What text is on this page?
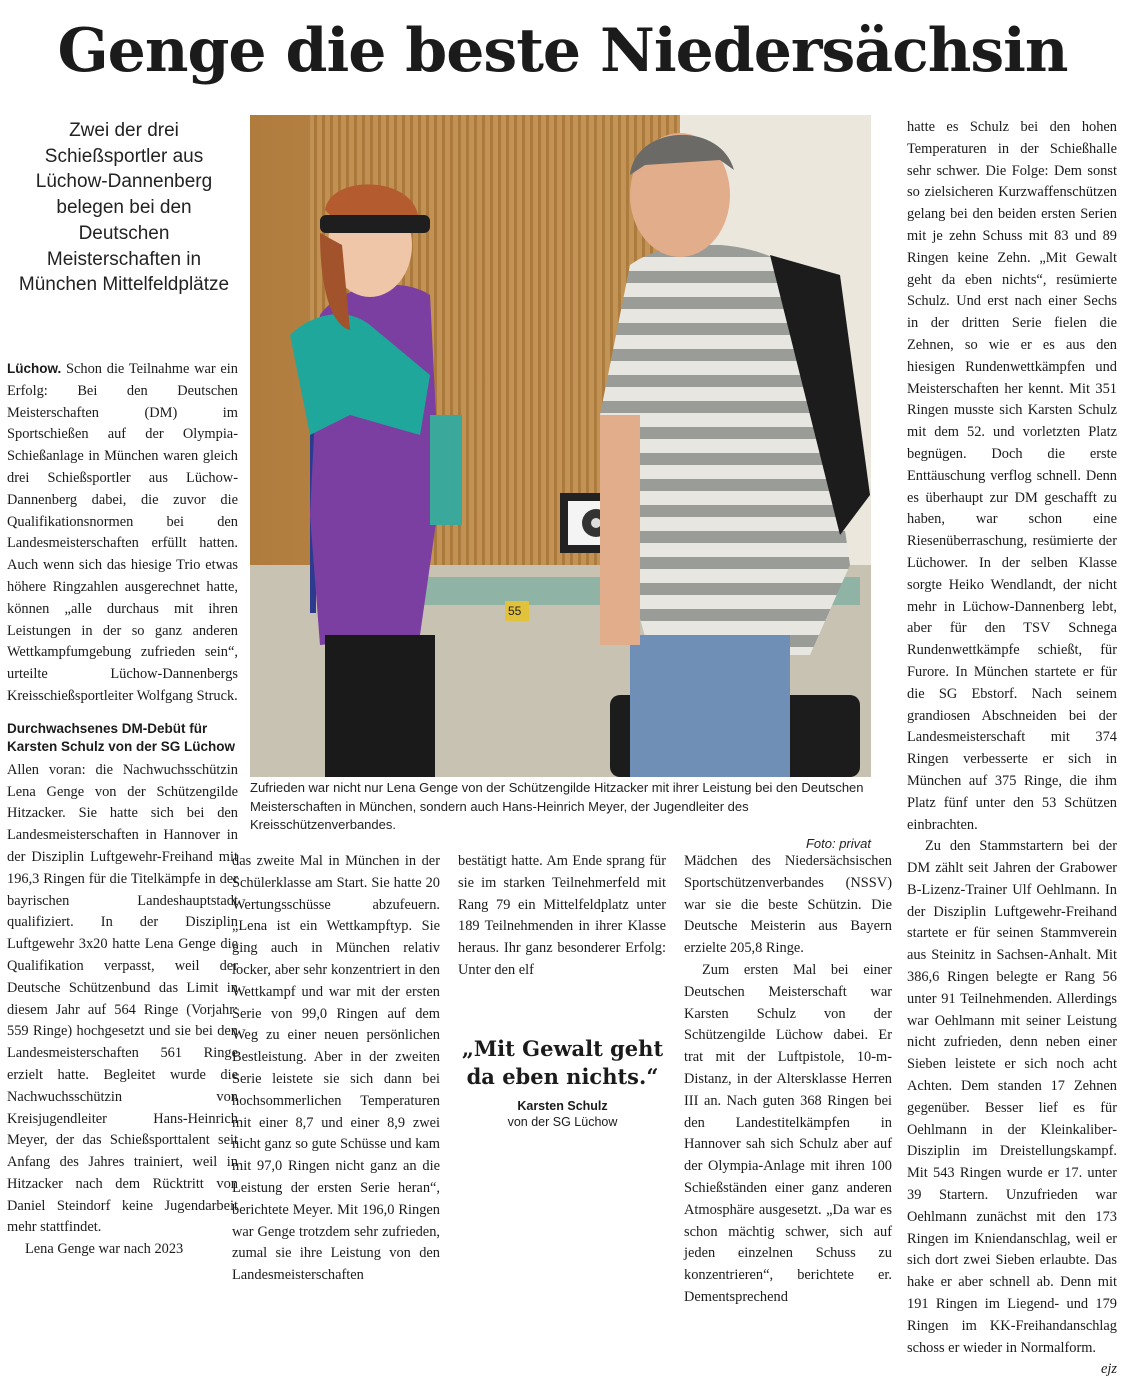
Genge die beste Niedersächsin
Zwei der drei Schießsportler aus Lüchow-Dannenberg belegen bei den Deutschen Meisterschaften in München Mittelfeldplätze

Lüchow. Schon die Teilnahme war ein Erfolg: Bei den Deutschen Meisterschaften (DM) im Sportschießen auf der Olympia-Schießanlage in München waren gleich drei Schießsportler aus Lüchow-Dannenberg dabei, die zuvor die Qualifikationsnormen bei den Landesmeisterschaften erfüllt hatten. Auch wenn sich das hiesige Trio etwas höhere Ringzahlen ausgerechnet hatte, können „alle durchaus mit ihren Leistungen in der so ganz anderen Wettkampfumgebung zufrieden sein“, urteilte Lüchow-Dannenbergs Kreisschießsportleiter Wolfgang Struck.

Durchwachsenes DM-Debüt für Karsten Schulz von der SG Lüchow

Allen voran: die Nachwuchsschützin Lena Genge von der Schützengilde Hitzacker. Sie hatte sich bei den Landesmeisterschaften in Hannover in der Disziplin Luftgewehr-Freihand mit 196,3 Ringen für die Titelkämpfe in der bayrischen Landeshauptstadt qualifiziert. In der Disziplin Luftgewehr 3x20 hatte Lena Genge die Qualifikation verpasst, weil der Deutsche Schützenbund das Limit in diesem Jahr auf 564 Ringe (Vorjahr: 559 Ringe) hochgesetzt und sie bei den Landesmeisterschaften 561 Ringe erzielt hatte. Begleitet wurde die Nachwuchsschützin von Kreisjugendleiter Hans-Heinrich Meyer, der das Schießsporttalent seit Anfang des Jahres trainiert, weil in Hitzacker nach dem Rücktritt von Daniel Steindorf keine Jugendarbeit mehr stattfindet.

Lena Genge war nach 2023

55
Zufrieden war nicht nur Lena Genge von der Schützengilde Hitzacker mit ihrer Leistung bei den Deutschen Meisterschaften in München, sondern auch Hans-Heinrich Meyer, der Jugendleiter des Kreisschützenverbandes.
Foto: privat

das zweite Mal in München in der Schülerklasse am Start. Sie hatte 20 Wertungsschüsse abzufeuern. „Lena ist ein Wettkampftyp. Sie ging auch in München relativ locker, aber sehr konzentriert in den Wettkampf und war mit der ersten Serie von 99,0 Ringen auf dem Weg zu einer neuen persönlichen Bestleistung. Aber in der zweiten Serie leistete sie sich dann bei hochsommerlichen Temperaturen mit einer 8,7 und einer 8,9 zwei nicht ganz so gute Schüsse und kam mit 97,0 Ringen nicht ganz an die Leistung der ersten Serie heran“, berichtete Meyer. Mit 196,0 Ringen war Genge trotzdem sehr zufrieden, zumal sie ihre Leistung von den Landesmeisterschaften

bestätigt hatte. Am Ende sprang für sie im starken Teilnehmerfeld mit Rang 79 ein Mittelfeldplatz unter 189 Teilnehmenden in ihrer Klasse heraus. Ihr ganz besonderer Erfolg: Unter den elf

„Mit Gewalt geht da eben nichts.“
Karsten Schulz
von der SG Lüchow

Mädchen des Niedersächsischen Sportschützenverbandes (NSSV) war sie die beste Schützin. Die Deutsche Meisterin aus Bayern erzielte 205,8 Ringe.

Zum ersten Mal bei einer Deutschen Meisterschaft war Karsten Schulz von der Schützengilde Lüchow dabei. Er trat mit der Luftpistole, 10-m-Distanz, in der Altersklasse Herren III an. Nach guten 368 Ringen bei den Landestitelkämpfen in Hannover sah sich Schulz aber auf der Olympia-Anlage mit ihren 100 Schießständen einer ganz anderen Atmosphäre ausgesetzt. „Da war es schon mächtig schwer, sich auf jeden einzelnen Schuss zu konzentrieren“, berichtete er. Dementsprechend

hatte es Schulz bei den hohen Temperaturen in der Schießhalle sehr schwer. Die Folge: Dem sonst so zielsicheren Kurzwaffenschützen gelang bei den beiden ersten Serien mit je zehn Schuss mit 83 und 89 Ringen keine Zehn. „Mit Gewalt geht da eben nichts“, resümierte Schulz. Und erst nach einer Sechs in der dritten Serie fielen die Zehnen, so wie er es aus den hiesigen Rundenwettkämpfen und Meisterschaften her kennt. Mit 351 Ringen musste sich Karsten Schulz mit dem 52. und vorletzten Platz begnügen. Doch die erste Enttäuschung verflog schnell. Denn es überhaupt zur DM geschafft zu haben, war schon eine Riesenüberraschung, resümierte der Lüchower. In der selben Klasse sorgte Heiko Wendlandt, der nicht mehr in Lüchow-Dannenberg lebt, aber für den TSV Schnega Rundenwettkämpfe schießt, für Furore. In München startete er für die SG Ebstorf. Nach seinem grandiosen Abschneiden bei der Landesmeisterschaft mit 374 Ringen verbesserte er sich in München auf 375 Ringe, die ihm Platz fünf unter den 53 Schützen einbrachten.

Zu den Stammstartern bei der DM zählt seit Jahren der Grabower B-Lizenz-Trainer Ulf Oehlmann. In der Disziplin Luftgewehr-Freihand startete er für seinen Stammverein aus Steinitz in Sachsen-Anhalt. Mit 386,6 Ringen belegte er Rang 56 unter 91 Teilnehmenden. Allerdings war Oehlmann mit seiner Leistung nicht zufrieden, denn neben einer Sieben leistete er sich noch acht Achten. Dem standen 17 Zehnen gegenüber. Besser lief es für Oehlmann in der Kleinkaliber-Disziplin im Dreistellungskampf. Mit 543 Ringen wurde er 17. unter 39 Startern. Unzufrieden war Oehlmann zunächst mit den 173 Ringen im Kniendanschlag, weil er sich dort zwei Sieben erlaubte. Das hake er aber schnell ab. Denn mit 191 Ringen im Liegend- und 179 Ringen im KK-Freihandanschlag schoss er wieder in Normalform.
ejz
